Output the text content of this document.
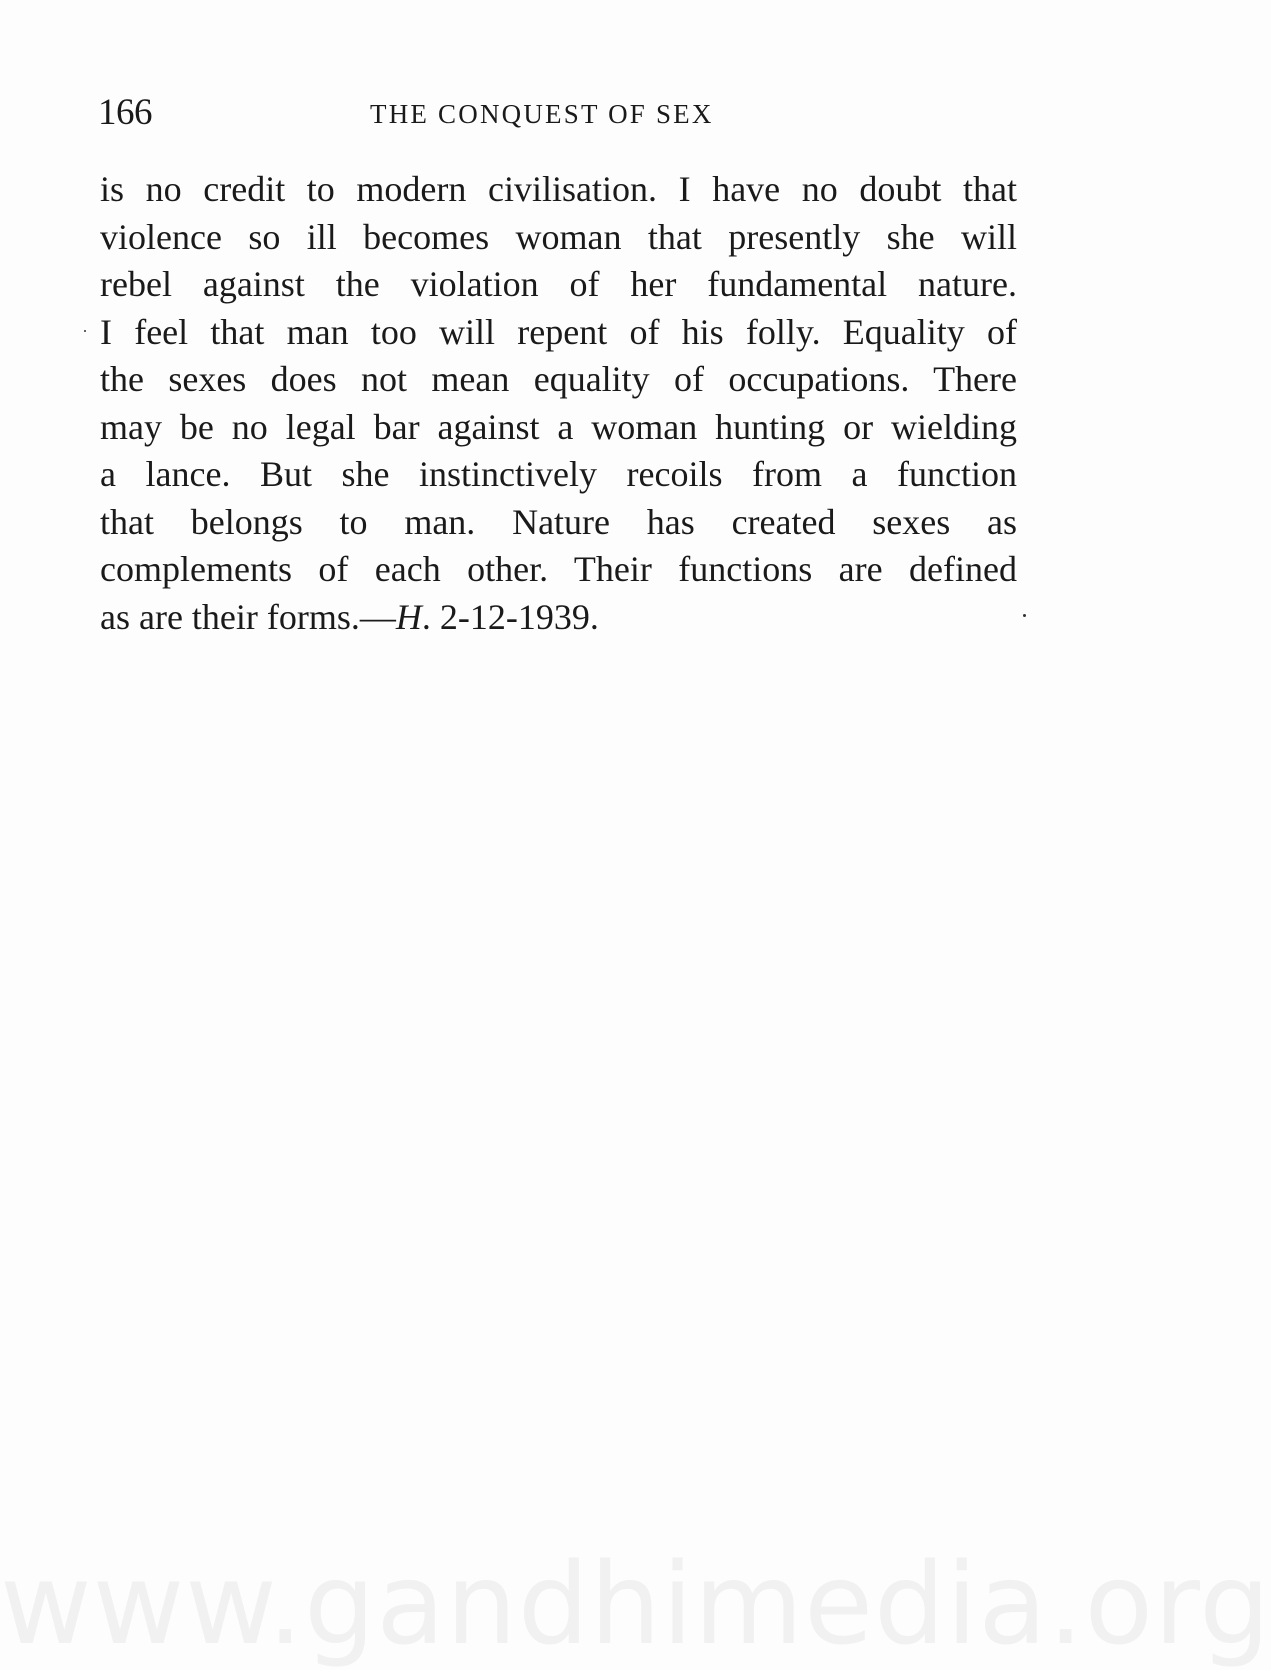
166	THE CONQUEST OF SEX
is no credit to modern civilisation. I have no doubt that
violence so ill becomes woman that presently she will
rebel against the violation of her fundamental nature.
I feel that man too will repent of his folly. Equality of
the sexes does not mean equality of occupations. There
may be no legal bar against a woman hunting or wielding
a lance. But she instinctively recoils from a function
that belongs to man. Nature has created sexes as
complements of each other. Their functions are defined
as are their forms.—H. 2-12-1939.
www.gandhimedia.org
